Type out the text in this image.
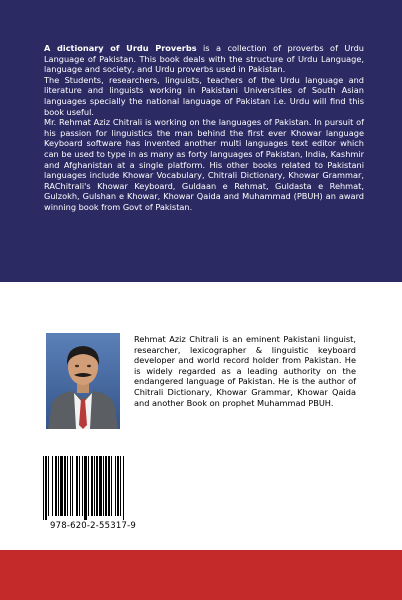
A dictionary of Urdu Proverbs is a collection of proverbs of Urdu Language of Pakistan. This book deals with the structure of Urdu Language, language and society, and Urdu proverbs used in Pakistan.

The Students, researchers, linguists, teachers of the Urdu language and literature and linguists working in Pakistani Universities of South Asian languages specially the national language of Pakistan i.e. Urdu will find this book useful.

Mr. Rehmat Aziz Chitrali is working on the languages of Pakistan. In pursuit of his passion for linguistics the man behind the first ever Khowar language Keyboard software has invented another multi languages text editor which can be used to type in as many as forty languages of Pakistan, India, Kashmir and Afghanistan at a single platform. His other books related to Pakistani languages include Khowar Vocabulary, Chitrali Dictionary, Khowar Grammar, RAChitrali's Khowar Keyboard, Guldaan e Rehmat, Guldasta e Rehmat, Gulzokh, Gulshan e Khowar, Khowar Qaida and Muhammad (PBUH) an award winning book from Govt of Pakistan.

Rehmat Aziz Chitrali is an eminent Pakistani linguist, researcher, lexicographer & linguistic keyboard developer and world record holder from Pakistan. He is widely regarded as a leading authority on the endangered language of Pakistan. He is the author of Chitrali Dictionary, Khowar Grammar, Khowar Qaida and another Book on prophet Muhammad PBUH.
978-620-2-55317-9
